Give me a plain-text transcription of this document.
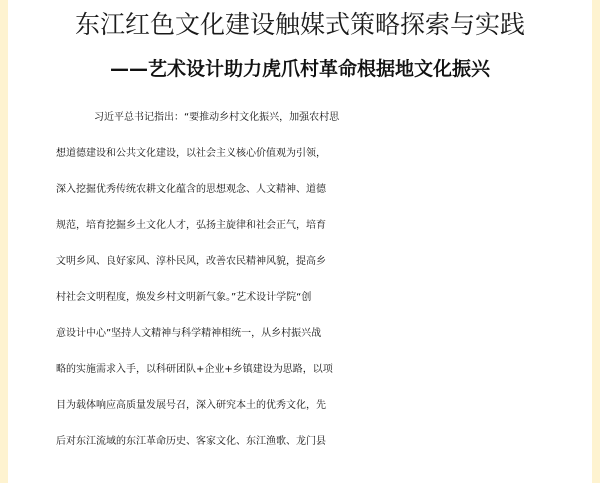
东江红色文化建设触媒式策略探索与实践
——艺术设计助力虎爪村革命根据地文化振兴

习近平总书记指出：“要推动乡村文化振兴，加强农村思

想道德建设和公共文化建设，以社会主义核心价值观为引领，

深入挖掘优秀传统农耕文化蕴含的思想观念、人文精神、道德

规范，培育挖掘乡土文化人才，弘扬主旋律和社会正气，培育

文明乡风、良好家风、淳朴民风，改善农民精神风貌，提高乡

村社会文明程度，焕发乡村文明新气象。”艺术设计学院“创

意设计中心”坚持人文精神与科学精神相统一，从乡村振兴战

略的实施需求入手，以科研团队+企业+乡镇建设为思路，以项

目为载体响应高质量发展号召，深入研究本土的优秀文化，先

后对东江流域的东江革命历史、客家文化、东江渔歌、龙门县
